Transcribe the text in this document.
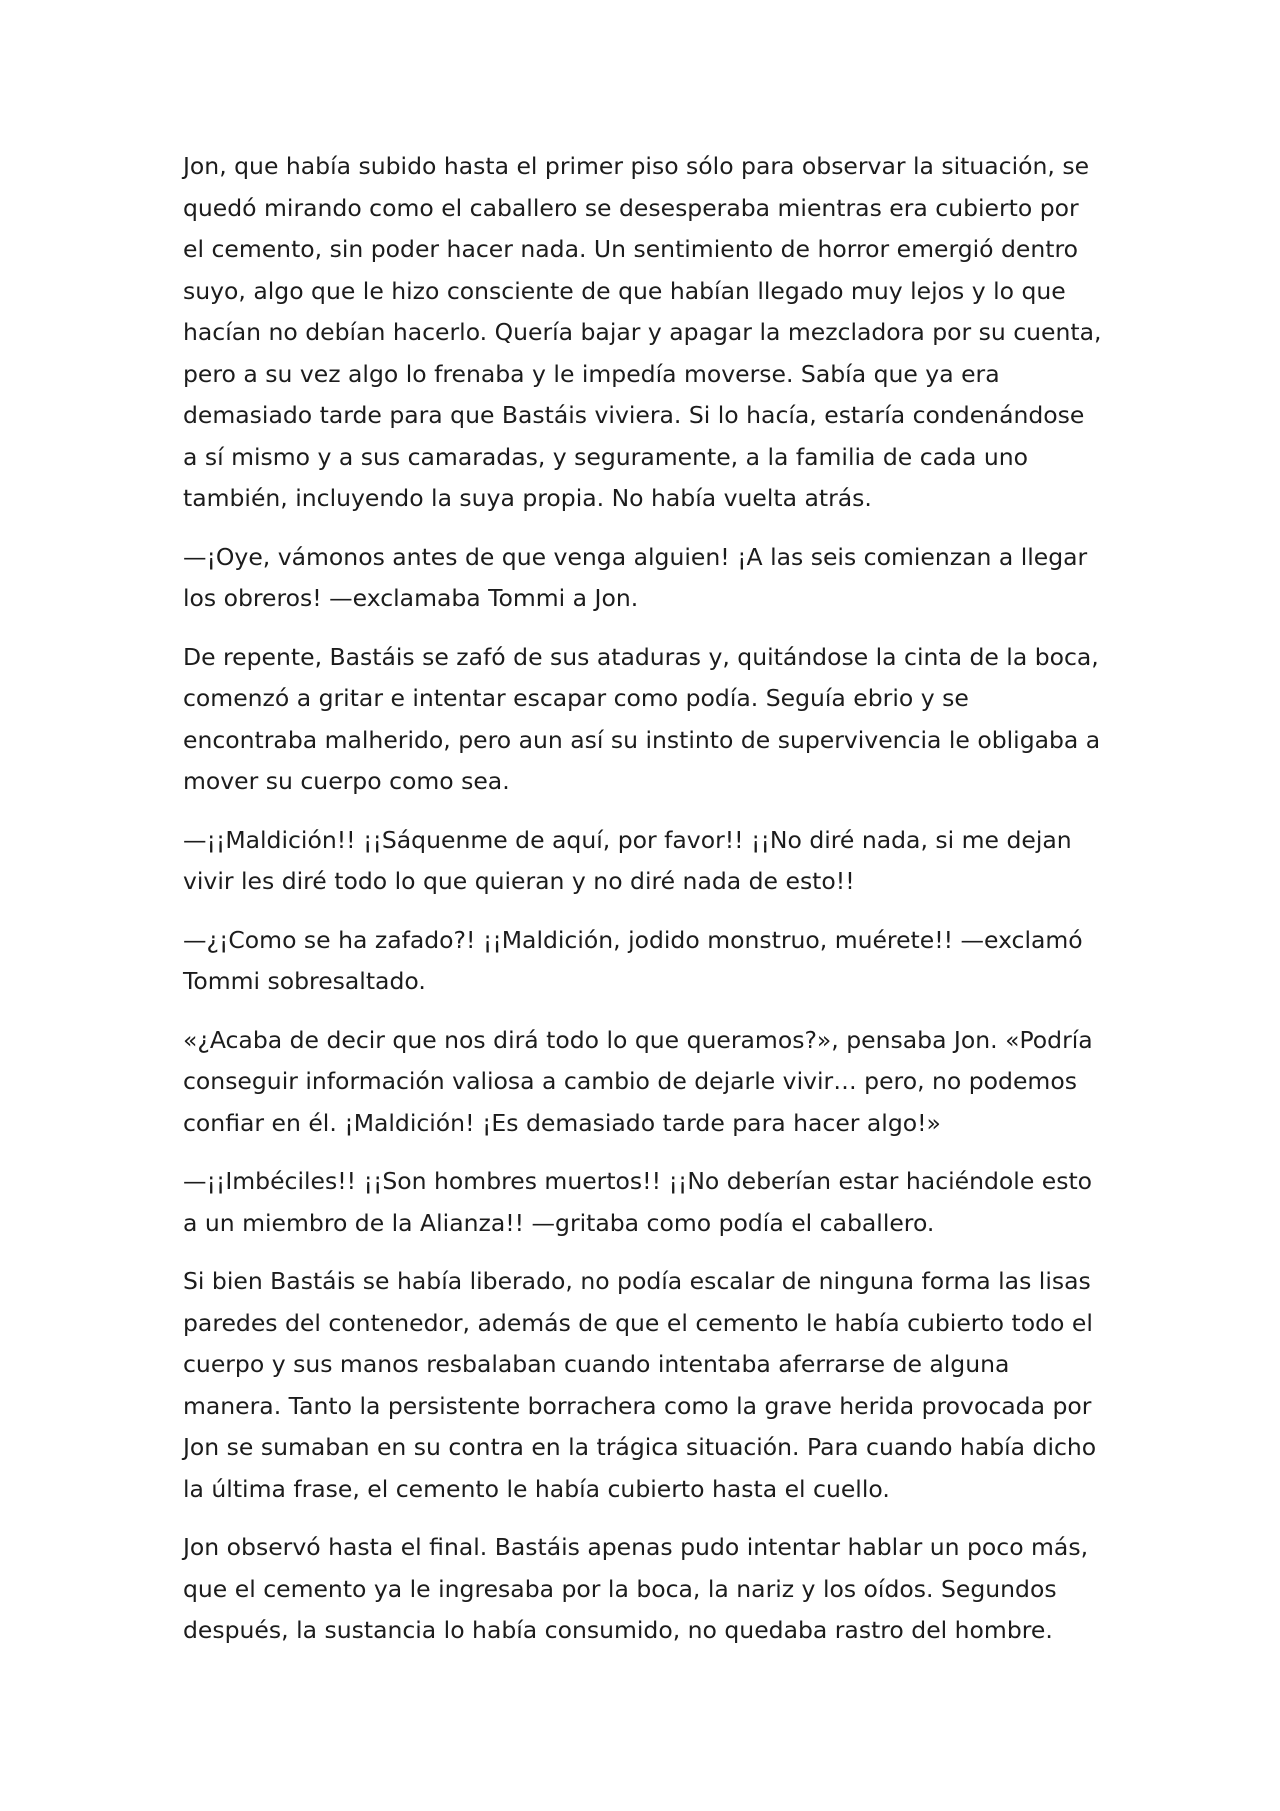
Jon, que había subido hasta el primer piso sólo para observar la situación, se quedó mirando como el caballero se desesperaba mientras era cubierto por el cemento, sin poder hacer nada. Un sentimiento de horror emergió dentro suyo, algo que le hizo consciente de que habían llegado muy lejos y lo que hacían no debían hacerlo. Quería bajar y apagar la mezcladora por su cuenta, pero a su vez algo lo frenaba y le impedía moverse. Sabía que ya era demasiado tarde para que Bastáis viviera. Si lo hacía, estaría condenándose a sí mismo y a sus camaradas, y seguramente, a la familia de cada uno también, incluyendo la suya propia. No había vuelta atrás.

—¡Oye, vámonos antes de que venga alguien! ¡A las seis comienzan a llegar los obreros! —exclamaba Tommi a Jon.

De repente, Bastáis se zafó de sus ataduras y, quitándose la cinta de la boca, comenzó a gritar e intentar escapar como podía. Seguía ebrio y se encontraba malherido, pero aun así su instinto de supervivencia le obligaba a mover su cuerpo como sea.

—¡¡Maldición!! ¡¡Sáquenme de aquí, por favor!! ¡¡No diré nada, si me dejan vivir les diré todo lo que quieran y no diré nada de esto!!

—¿¡Como se ha zafado?! ¡¡Maldición, jodido monstruo, muérete!! —exclamó Tommi sobresaltado.

«¿Acaba de decir que nos dirá todo lo que queramos?», pensaba Jon. «Podría conseguir información valiosa a cambio de dejarle vivir… pero, no podemos confiar en él. ¡Maldición! ¡Es demasiado tarde para hacer algo!»

—¡¡Imbéciles!! ¡¡Son hombres muertos!! ¡¡No deberían estar haciéndole esto a un miembro de la Alianza!! —gritaba como podía el caballero.

Si bien Bastáis se había liberado, no podía escalar de ninguna forma las lisas paredes del contenedor, además de que el cemento le había cubierto todo el cuerpo y sus manos resbalaban cuando intentaba aferrarse de alguna manera. Tanto la persistente borrachera como la grave herida provocada por Jon se sumaban en su contra en la trágica situación. Para cuando había dicho la última frase, el cemento le había cubierto hasta el cuello.

Jon observó hasta el final. Bastáis apenas pudo intentar hablar un poco más, que el cemento ya le ingresaba por la boca, la nariz y los oídos. Segundos después, la sustancia lo había consumido, no quedaba rastro del hombre.
